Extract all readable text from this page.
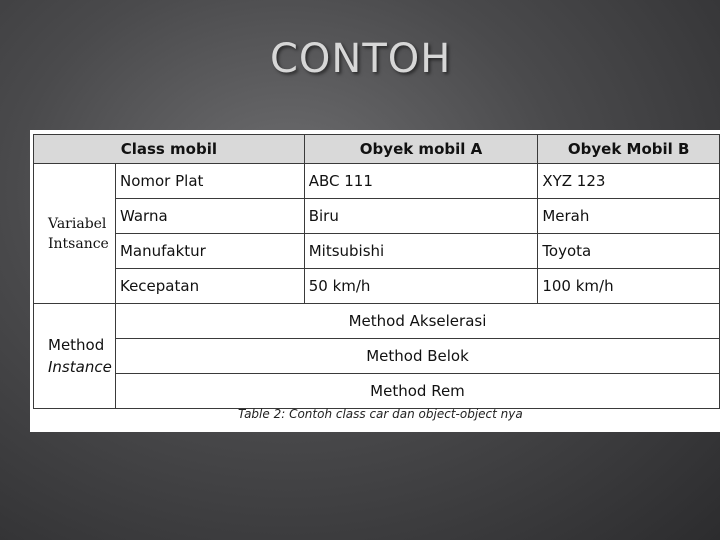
CONTOH
Class mobil		Obyek mobil A	Obyek Mobil B

Variabel
Intsance	Nomor Plat	ABC 111	XYZ 123
	Warna	Biru	Merah
	Manufaktur	Mitsubishi	Toyota
	Kecepatan	50 km/h	100 km/h

Method
Instance	Method Akselerasi		
	Method Belok		
	Method Rem		
Table 2: Contoh class car dan object-object nya
